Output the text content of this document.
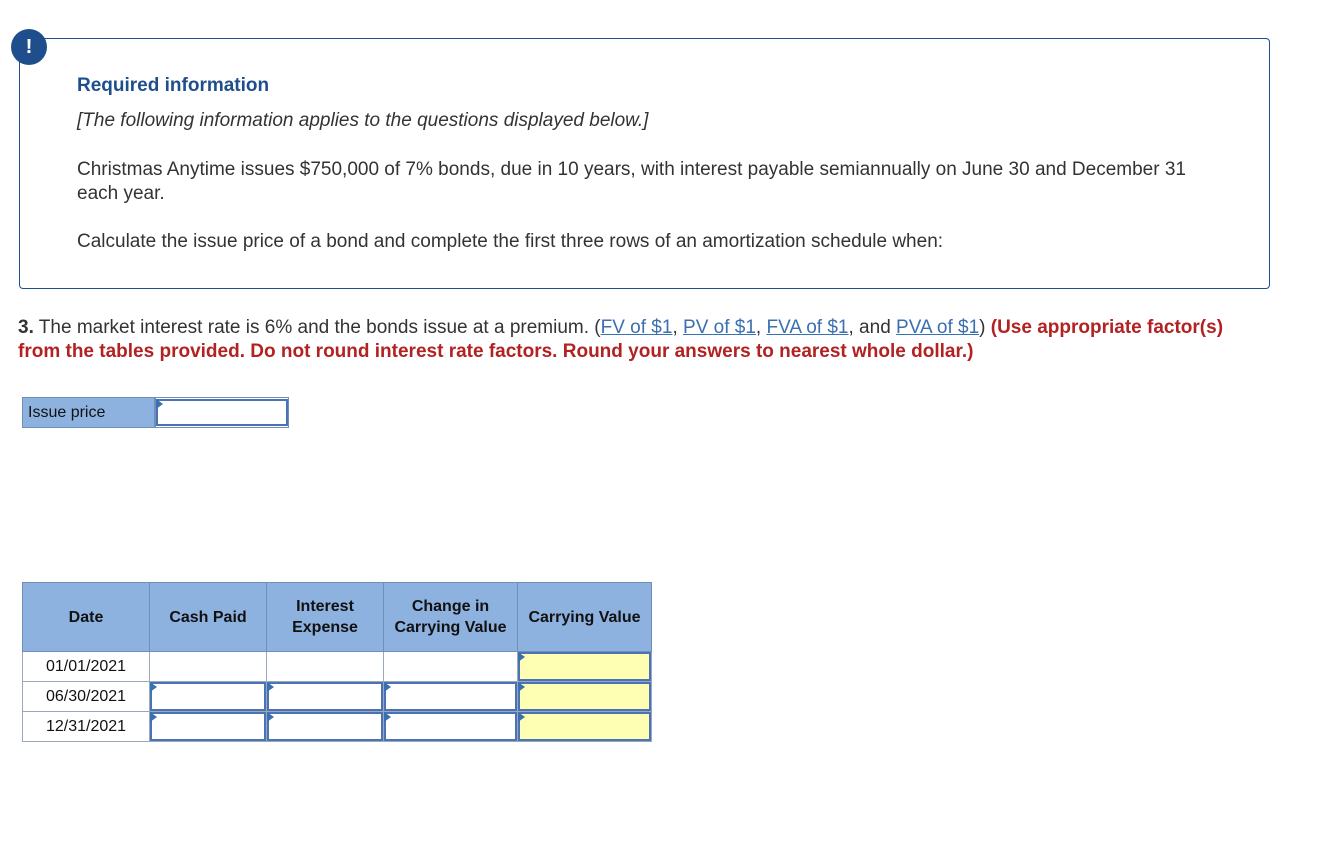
!
Required information
[The following information applies to the questions displayed below.]
Christmas Anytime issues $750,000 of 7% bonds, due in 10 years, with interest payable semiannually on June 30 and December 31 each year.
Calculate the issue price of a bond and complete the first three rows of an amortization schedule when:
3. The market interest rate is 6% and the bonds issue at a premium. (FV of $1, PV of $1, FVA of $1, and PVA of $1) (Use appropriate factor(s) from the tables provided. Do not round interest rate factors. Round your answers to nearest whole dollar.)
Issue price
Date	Cash Paid	Interest Expense	Change in Carrying Value	Carrying Value
01/01/2021				

06/30/2021	

12/31/2021	
